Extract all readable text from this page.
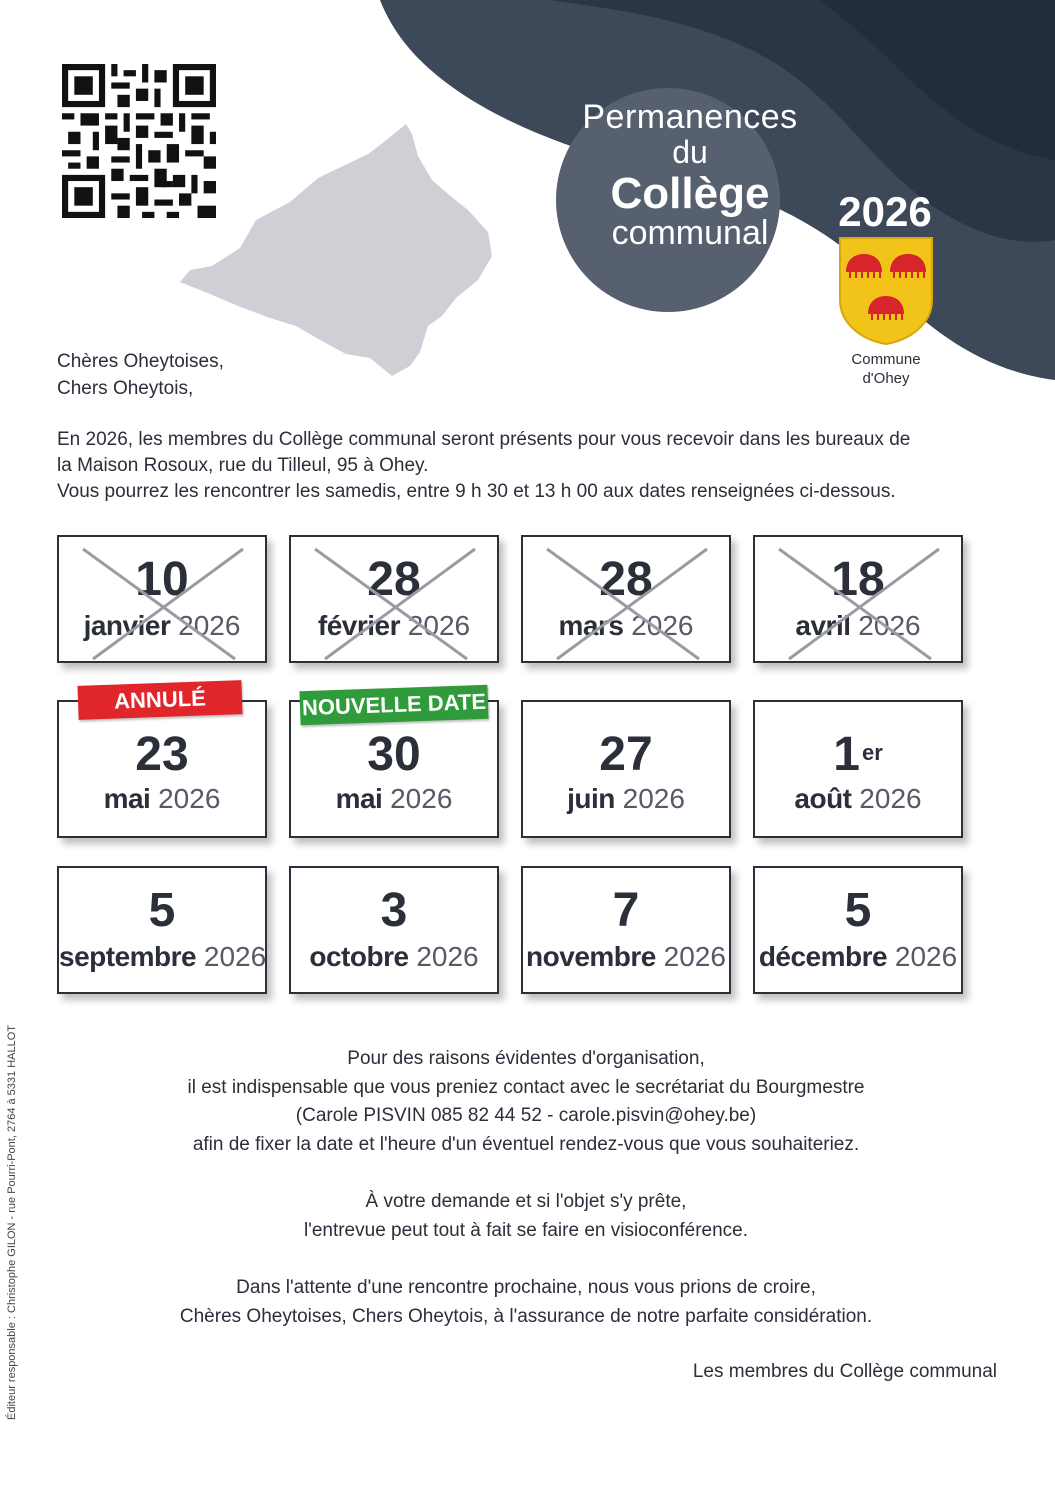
Permanences
du
Collège
communal	2026
Commune
d'Ohey
Chères Oheytoises,
Chers Oheytois,
En 2026, les membres du Collège communal seront présents pour vous recevoir dans les bureaux de
la Maison Rosoux, rue du Tilleul, 95 à Ohey.
Vous pourrez les rencontrer les samedis, entre 9 h 30 et 13 h 00 aux dates renseignées ci-dessous.
10
janvier 2026
28
février 2026
28
mars 2026
18
avril 2026
23
mai 2026
30
mai 2026
27
juin 2026
1er
août 2026
ANNULÉ	NOUVELLE DATE
5
septembre 2026
3
octobre 2026
7
novembre 2026
5
décembre 2026

Pour des raisons évidentes d'organisation,
il est indispensable que vous preniez contact avec le secrétariat du Bourgmestre
(Carole PISVIN 085 82 44 52 - carole.pisvin@ohey.be)
afin de fixer la date et l'heure d'un éventuel rendez-vous que vous souhaiteriez.

À votre demande et si l'objet s'y prête,
l'entrevue peut tout à fait se faire en visioconférence.

Dans l'attente d'une rencontre prochaine, nous vous prions de croire,
Chères Oheytoises, Chers Oheytois, à l'assurance de notre parfaite considération.

Les membres du Collège communal
Éditeur responsable : Christophe GILON - rue Pourri-Pont, 2764 à 5331 HALLOT
